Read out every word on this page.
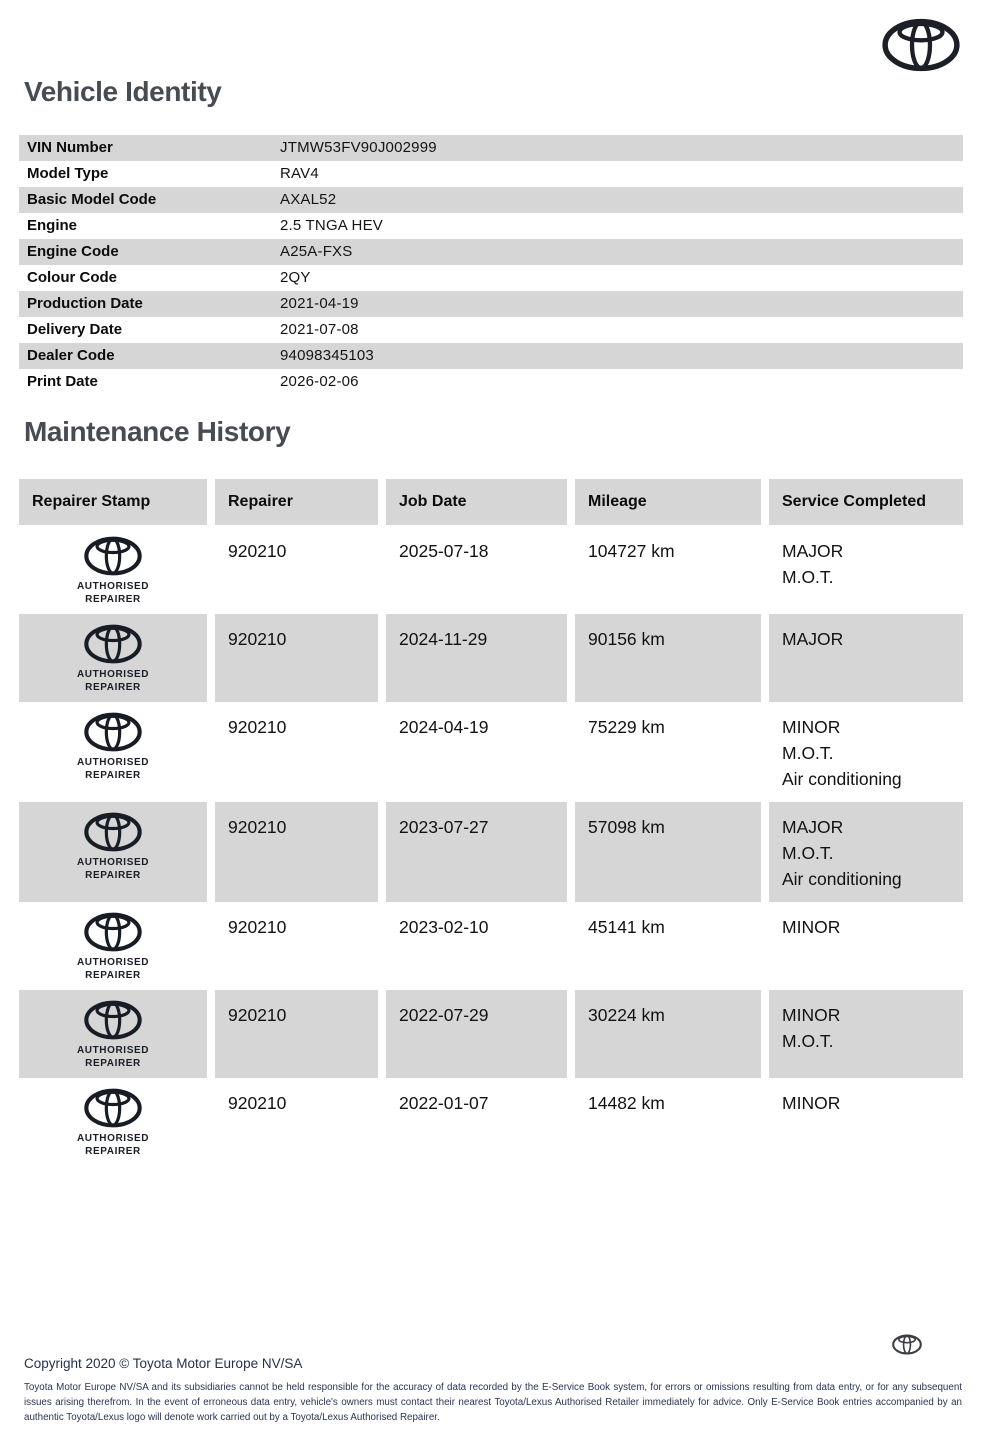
Vehicle Identity
VIN Number	JTMW53FV90J002999
Model Type	RAV4
Basic Model Code	AXAL52
Engine	2.5 TNGA HEV
Engine Code	A25A-FXS
Colour Code	2QY
Production Date	2021-04-19
Delivery Date	2021-07-08
Dealer Code	94098345103
Print Date	2026-02-06
Maintenance History
Repairer Stamp	Repairer	Job Date	Mileage	Service Completed
AUTHORISED
REPAIRER
920210	2025-07-18	104727 km	MAJOR
M.O.T.
AUTHORISED
REPAIRER
920210	2024-11-29	90156 km	MAJOR
AUTHORISED
REPAIRER
920210	2024-04-19	75229 km	MINOR
M.O.T.
Air conditioning
AUTHORISED
REPAIRER
920210	2023-07-27	57098 km	MAJOR
M.O.T.
Air conditioning
AUTHORISED
REPAIRER
920210	2023-02-10	45141 km	MINOR
AUTHORISED
REPAIRER
920210	2022-07-29	30224 km	MINOR
M.O.T.
AUTHORISED
REPAIRER
920210	2022-01-07	14482 km	MINOR
Copyright 2020 © Toyota Motor Europe NV/SA
Toyota Motor Europe NV/SA and its subsidiaries cannot be held responsible for the accuracy of data recorded by the E-Service Book system, for errors or omissions resulting from data entry, or for any subsequent issues arising therefrom. In the event of erroneous data entry, vehicle's owners must contact their nearest Toyota/Lexus Authorised Retailer immediately for advice. Only E-Service Book entries accompanied by an authentic Toyota/Lexus logo will denote work carried out by a Toyota/Lexus Authorised Repairer.
